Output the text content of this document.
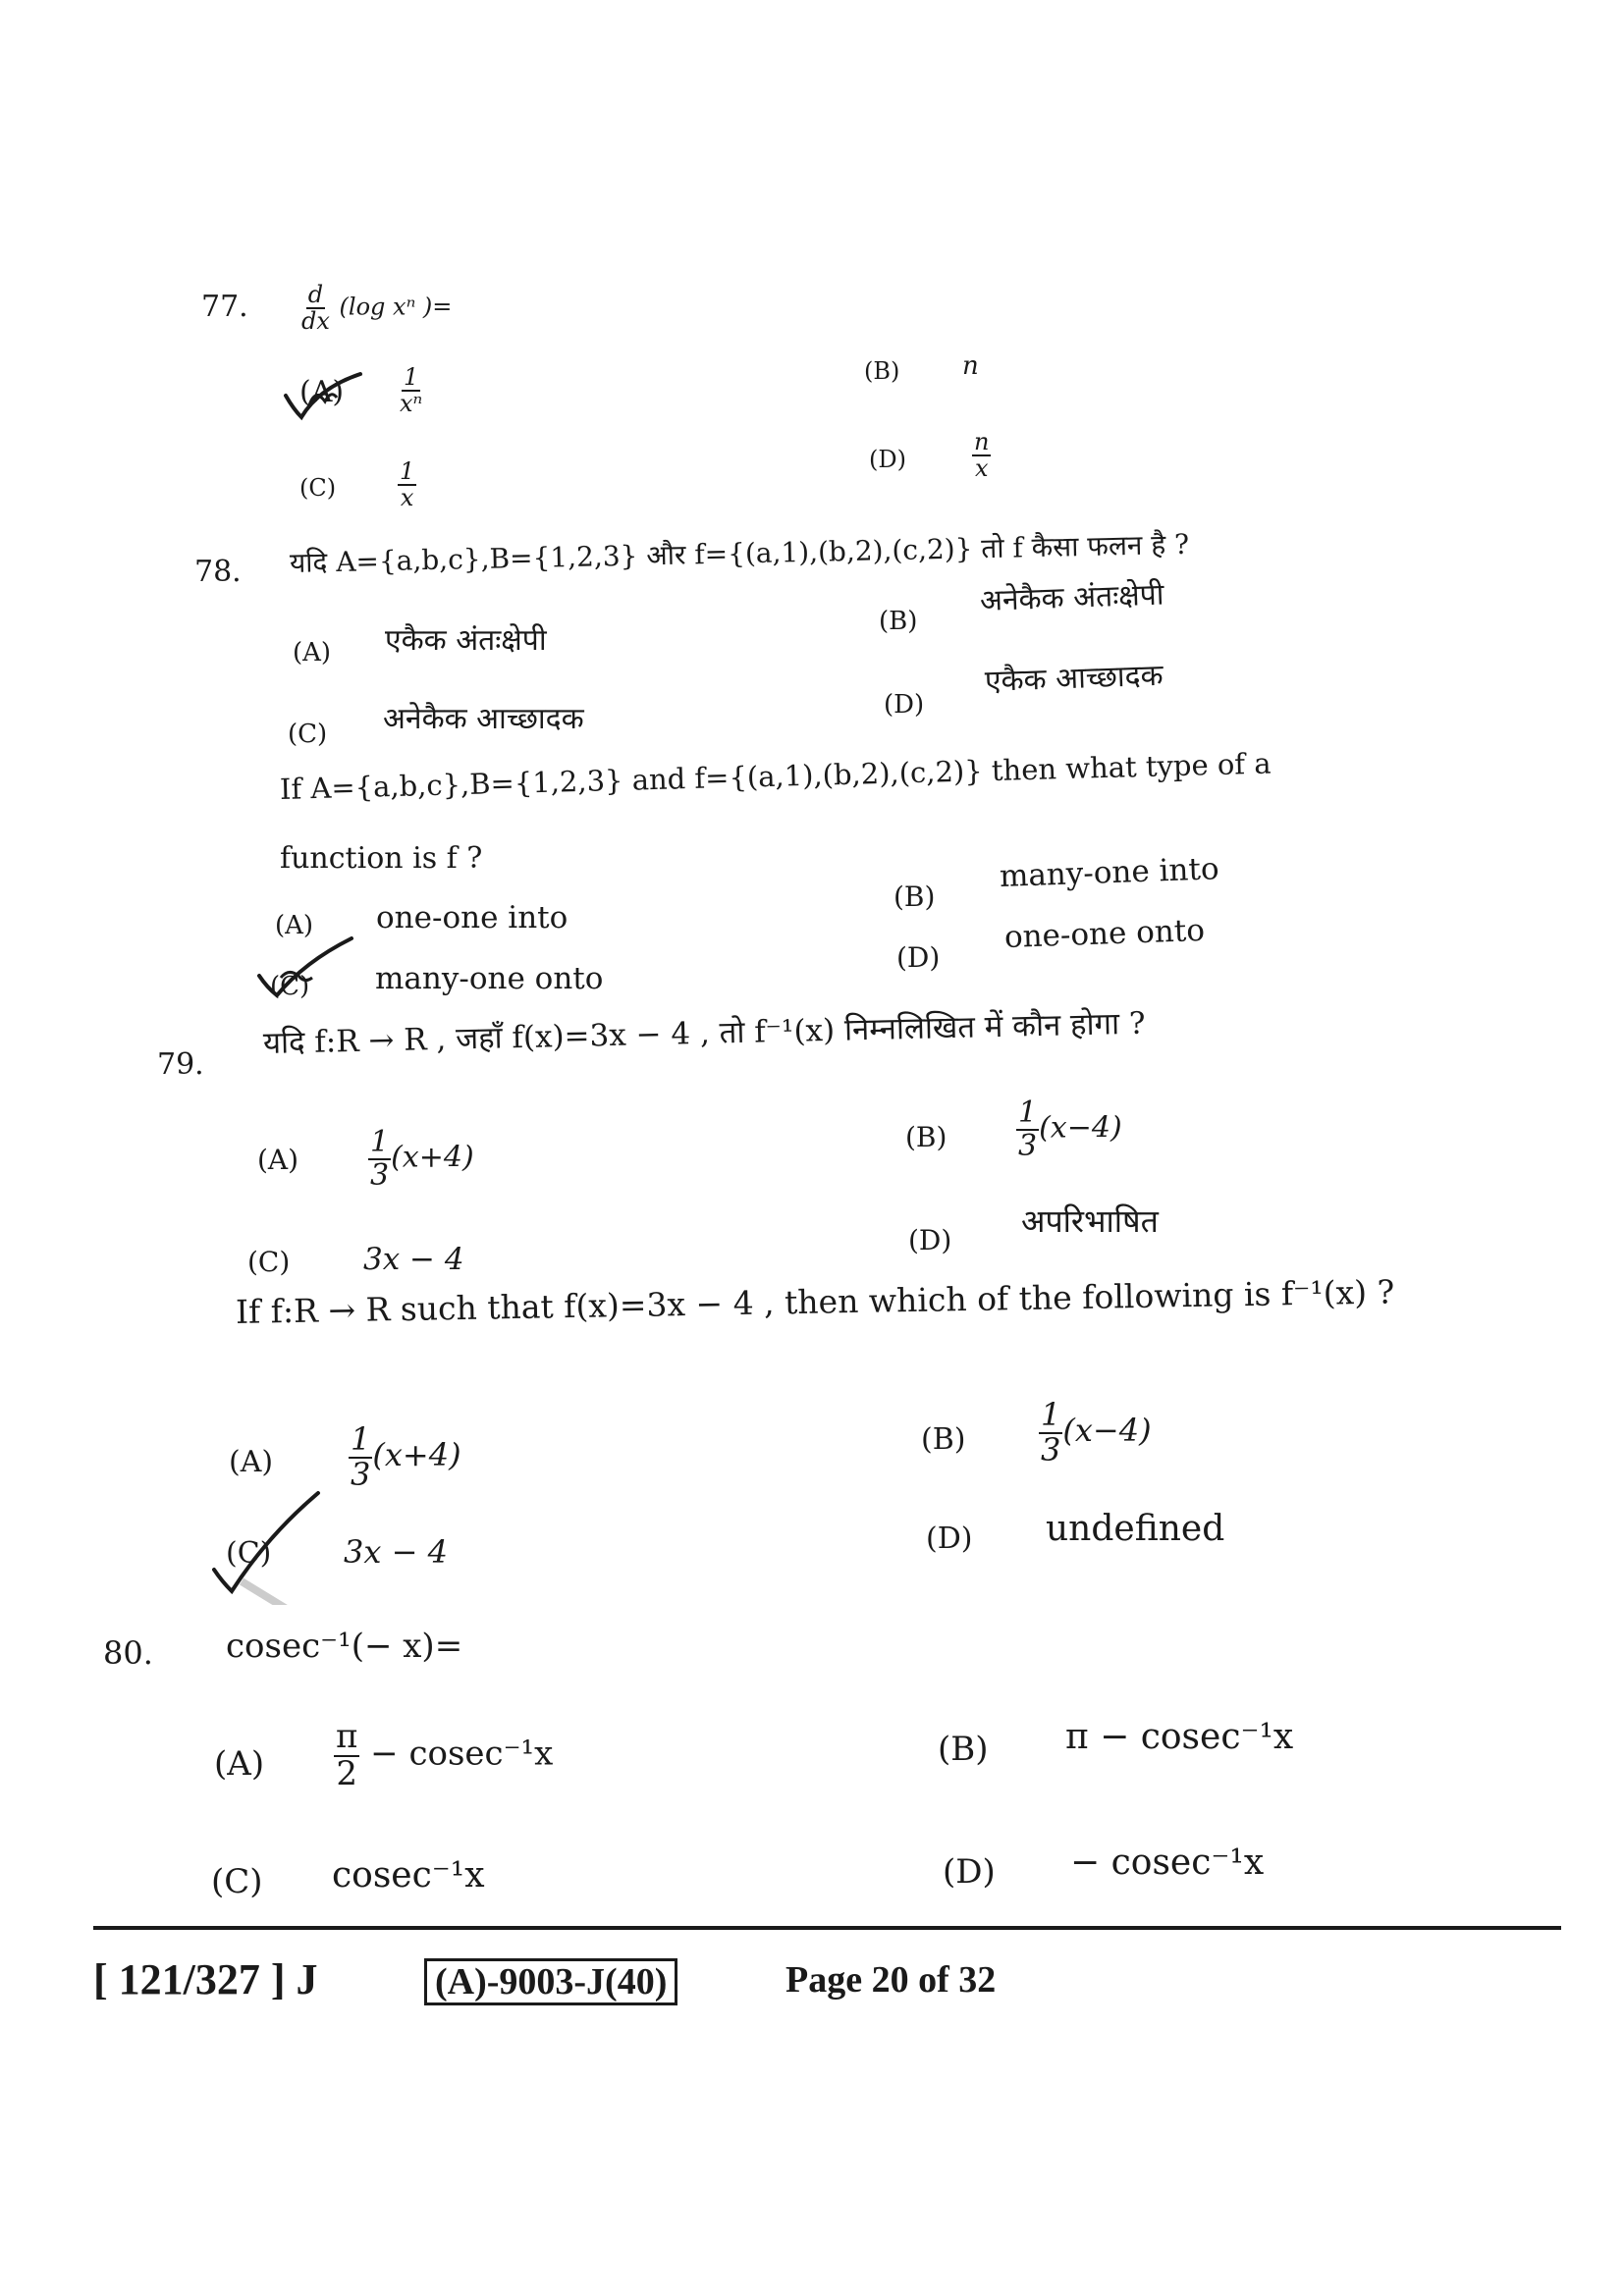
77. $\frac{d}{dx} (\log$ xⁿ )=
$(A) \frac{1}{\text{xⁿ}}$	(B) n
(C)	$\frac{1}{x}$	(D)	$\frac{n}{x}$
78. यदि A={a,b,c},B={1,2,3} और f={(a,1),(b,2),(c,2)} तो f कैसा फलन है ?
(A) एकैक अंतःक्षेपी
(B)
अनेकैक अंतःक्षेपी
(C) अनेकैक आच्छादक	(D)
एकैक आच्छादक
If A={a,b,c},B={1,2,3} and f={(a,1),(b,2),(c,2)} then what type of a
function is f ?
(A) one-one into
(B)
many-one into
(C) many-one onto
(D)
one-one onto
79.
यदि f:R → R , जहाँ f(x)=3x − 4 , तो f⁻¹(x) निम्नलिखित में कौन होगा ?
$(A) \frac{1}{3} (x+4)$
$(B) \frac{1}{3} (x-4)$
(C) 3x − 4
(D)
अपरिभाषित
If f:R → R such that f(x)=3x − 4 , then which of the following is f⁻¹(x) ?
$(A) \frac{1}{3} (x+4)$	$(B) \frac{1}{3} (x-4)$
(C) 3x − 4	(D) undefined
80. cosec⁻¹(− x)=
$(A) \frac{\pi}{2} - cosec^{-1}x$	(B) π − cosec⁻¹x
(C) cosec⁻¹x	(D) − cosec⁻¹x
[ 121/327 ] J	(A)-9003-J(40)	Page 20 of 32
